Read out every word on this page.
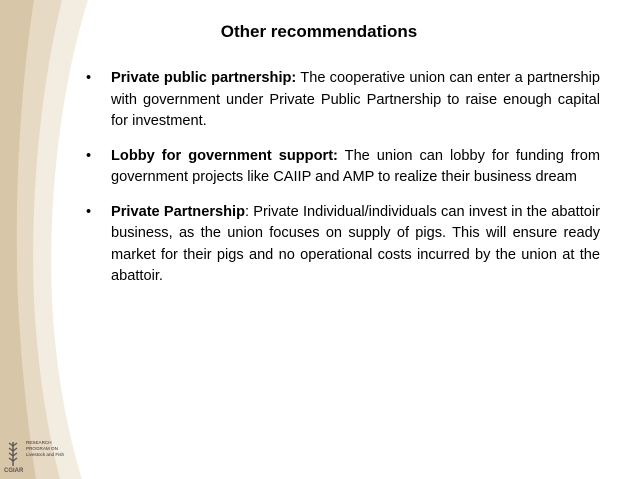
Other recommendations
• Private public partnership: The cooperative union can enter a partnership with government under Private Public Partnership to raise enough capital for investment.
• Lobby for government support: The union can lobby for funding from government projects like CAIIP and AMP to realize their business dream
• Private Partnership: Private Individual/individuals can invest in the abattoir business, as the union focuses on supply of pigs. This will ensure ready market for their pigs and no operational costs incurred by the union at the abattoir.
CGIAR
RESEARCH
PROGRAM ON
Livestock and Fish
